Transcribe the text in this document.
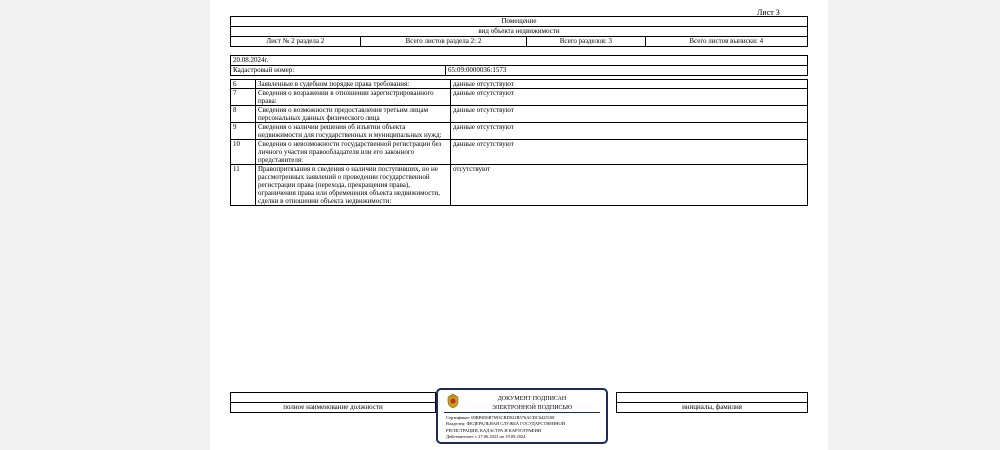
Лист 3
Помещение
вид объекта недвижимости
Лист № 2 раздела 2	Всего листов раздела 2: 2	Всего разделов: 3	Всего листов выписки: 4
20.08.2024г.
Кадастровый номер:	65:09:0000036:1573
6	Заявленные в судебном порядке права требования:	данные отсутствуют
7	Сведения о возражении в отношении зарегистрированного права:	данные отсутствуют
8	Сведения о возможности предоставления третьим лицам персональных данных физического лица	данные отсутствуют
9	Сведения о наличии решения об изъятии объекта недвижимости для государственных и муниципальных нужд:	данные отсутствуют
10	Сведения о невозможности государственной регистрации без личного участия правообладателя или его законного представителя:	данные отсутствуют
11	Правопритязания и сведения о наличии поступивших, но не рассмотренных заявлений о проведении государственной регистрации права (перехода, прекращения права), ограничения права или обременения объекта недвижимости, сделки в отношении объекта недвижимости:	отсутствуют

полное наименование должности		инициалы, фамилия
ДОКУМЕНТ ПОДПИСАН
ЭЛЕКТРОННОЙ ПОДПИСЬЮ
Сертификат: 00BB056B7693CBD022B576ACDC6425108
Владелец: ФЕДЕРАЛЬНАЯ СЛУЖБА ГОСУДАРСТВЕННОЙ
РЕГИСТРАЦИИ, КАДАСТРА И КАРТОГРАФИИ
Действителен: с 27.06.2023 по 19.09.2024
